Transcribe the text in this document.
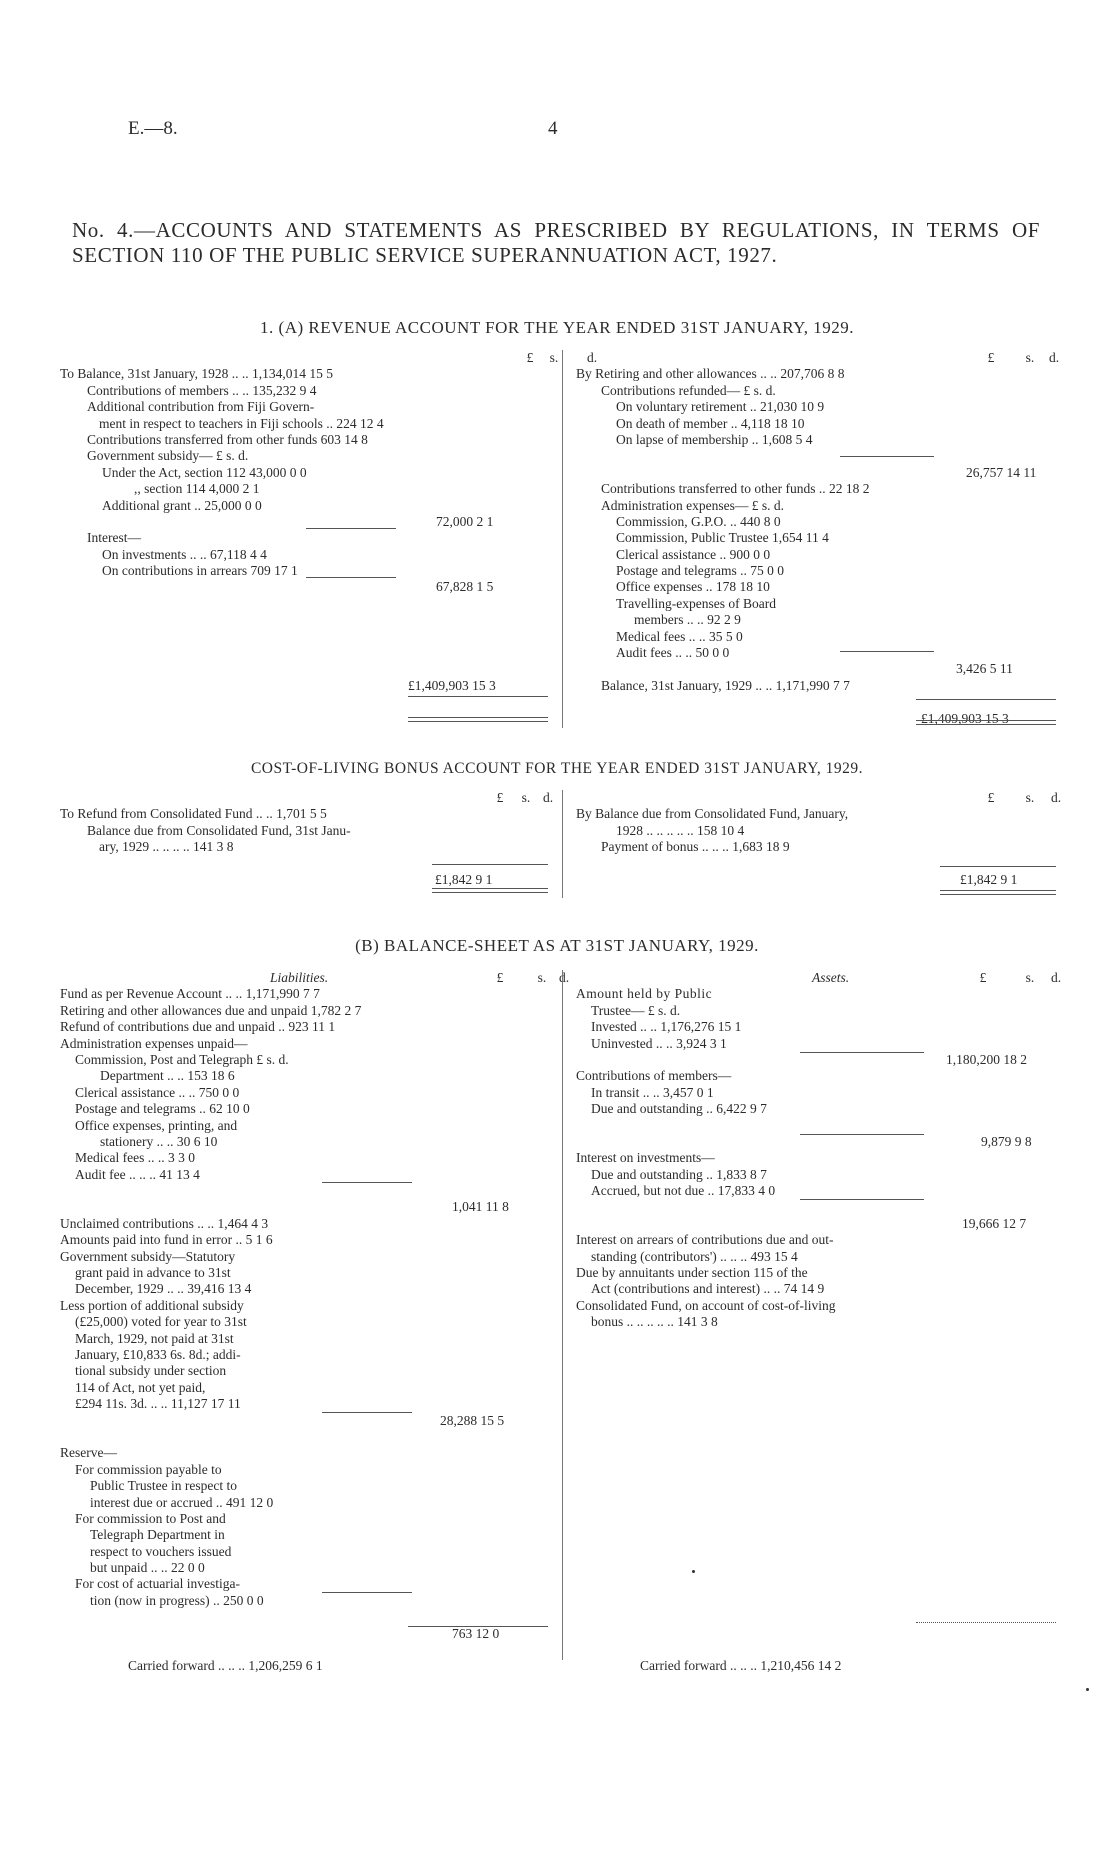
E.—8.	4
No. 4.—ACCOUNTS AND STATEMENTS AS PRESCRIBED BY REGULATIONS, IN TERMS OF SECTION 110 OF THE PUBLIC SERVICE SUPERANNUATION ACT, 1927.
1. (A) REVENUE ACCOUNT FOR THE YEAR ENDED 31ST JANUARY, 1929.
£	s.	d.
To Balance, 31st January, 1928 .. .. 1,134,014 15 5
Contributions of members .. .. 135,232 9 4
Additional contribution from Fiji Govern-
ment in respect to teachers in Fiji schools .. 224 12 4
Contributions transferred from other funds 603 14 8
Government subsidy— £ s. d.
Under the Act, section 112 43,000 0 0
,, section 114 4,000 2 1
Additional grant .. 25,000 0 0
72,000 2 1
Interest—
On investments .. .. 67,118 4 4
On contributions in arrears 709 17 1
67,828 1 5
£1,409,903 15 3
£	s.	d.
By Retiring and other allowances .. .. 207,706 8 8
Contributions refunded— £ s. d.
On voluntary retirement .. 21,030 10 9
On death of member .. 4,118 18 10
On lapse of membership .. 1,608 5 4
26,757 14 11
Contributions transferred to other funds .. 22 18 2
Administration expenses— £ s. d.
Commission, G.P.O. .. 440 8 0
Commission, Public Trustee 1,654 11 4
Clerical assistance .. 900 0 0
Postage and telegrams .. 75 0 0
Office expenses .. 178 18 10
Travelling-expenses of Board
members .. .. 92 2 9
Medical fees .. .. 35 5 0
Audit fees .. .. 50 0 0
3,426 5 11
Balance, 31st January, 1929 .. .. 1,171,990 7 7
£1,409,903 15 3
COST-OF-LIVING BONUS ACCOUNT FOR THE YEAR ENDED 31ST JANUARY, 1929.
£	s. d.
To Refund from Consolidated Fund .. .. 1,701 5 5
Balance due from Consolidated Fund, 31st Janu-
ary, 1929 .. .. .. .. 141 3 8
£1,842 9 1
£	s.	d.
By Balance due from Consolidated Fund, January,
1928 .. .. .. .. .. 158 10 4
Payment of bonus .. .. .. 1,683 18 9
£1,842 9 1
(B) BALANCE-SHEET AS AT 31ST JANUARY, 1929.
Liabilities.	£	s. d.
Fund as per Revenue Account .. .. 1,171,990 7 7
Retiring and other allowances due and unpaid 1,782 2 7
Refund of contributions due and unpaid .. 923 11 1
Administration expenses unpaid—
Commission, Post and Telegraph £ s. d.
Department .. .. 153 18 6
Clerical assistance .. .. 750 0 0
Postage and telegrams .. 62 10 0
Office expenses, printing, and
stationery .. .. 30 6 10
Medical fees .. .. 3 3 0
Audit fee .. .. .. 41 13 4
1,041 11 8
Unclaimed contributions .. .. 1,464 4 3
Amounts paid into fund in error .. 5 1 6
Government subsidy—Statutory
grant paid in advance to 31st
December, 1929 .. .. 39,416 13 4
Less portion of additional subsidy
(£25,000) voted for year to 31st
March, 1929, not paid at 31st
January, £10,833 6s. 8d.; addi-
tional subsidy under section
114 of Act, not yet paid,
£294 11s. 3d. .. .. 11,127 17 11
28,288 15 5
Reserve—
For commission payable to
Public Trustee in respect to
interest due or accrued .. 491 12 0
For commission to Post and
Telegraph Department in
respect to vouchers issued
but unpaid .. .. 22 0 0
For cost of actuarial investiga-
tion (now in progress) .. 250 0 0
763 12 0
Carried forward .. .. .. 1,206,259 6 1
Assets.	£	s.	d.
Amount held by Public
Trustee— £ s. d.
Invested .. .. 1,176,276 15 1
Uninvested .. .. 3,924 3 1
1,180,200 18 2
Contributions of members—
In transit .. .. 3,457 0 1
Due and outstanding .. 6,422 9 7
9,879 9 8
Interest on investments—
Due and outstanding .. 1,833 8 7
Accrued, but not due .. 17,833 4 0
19,666 12 7
Interest on arrears of contributions due and out-
standing (contributors') .. .. .. 493 15 4
Due by annuitants under section 115 of the
Act (contributions and interest) .. .. 74 14 9
Consolidated Fund, on account of cost-of-living
bonus .. .. .. .. .. 141 3 8
Carried forward .. .. .. 1,210,456 14 2
